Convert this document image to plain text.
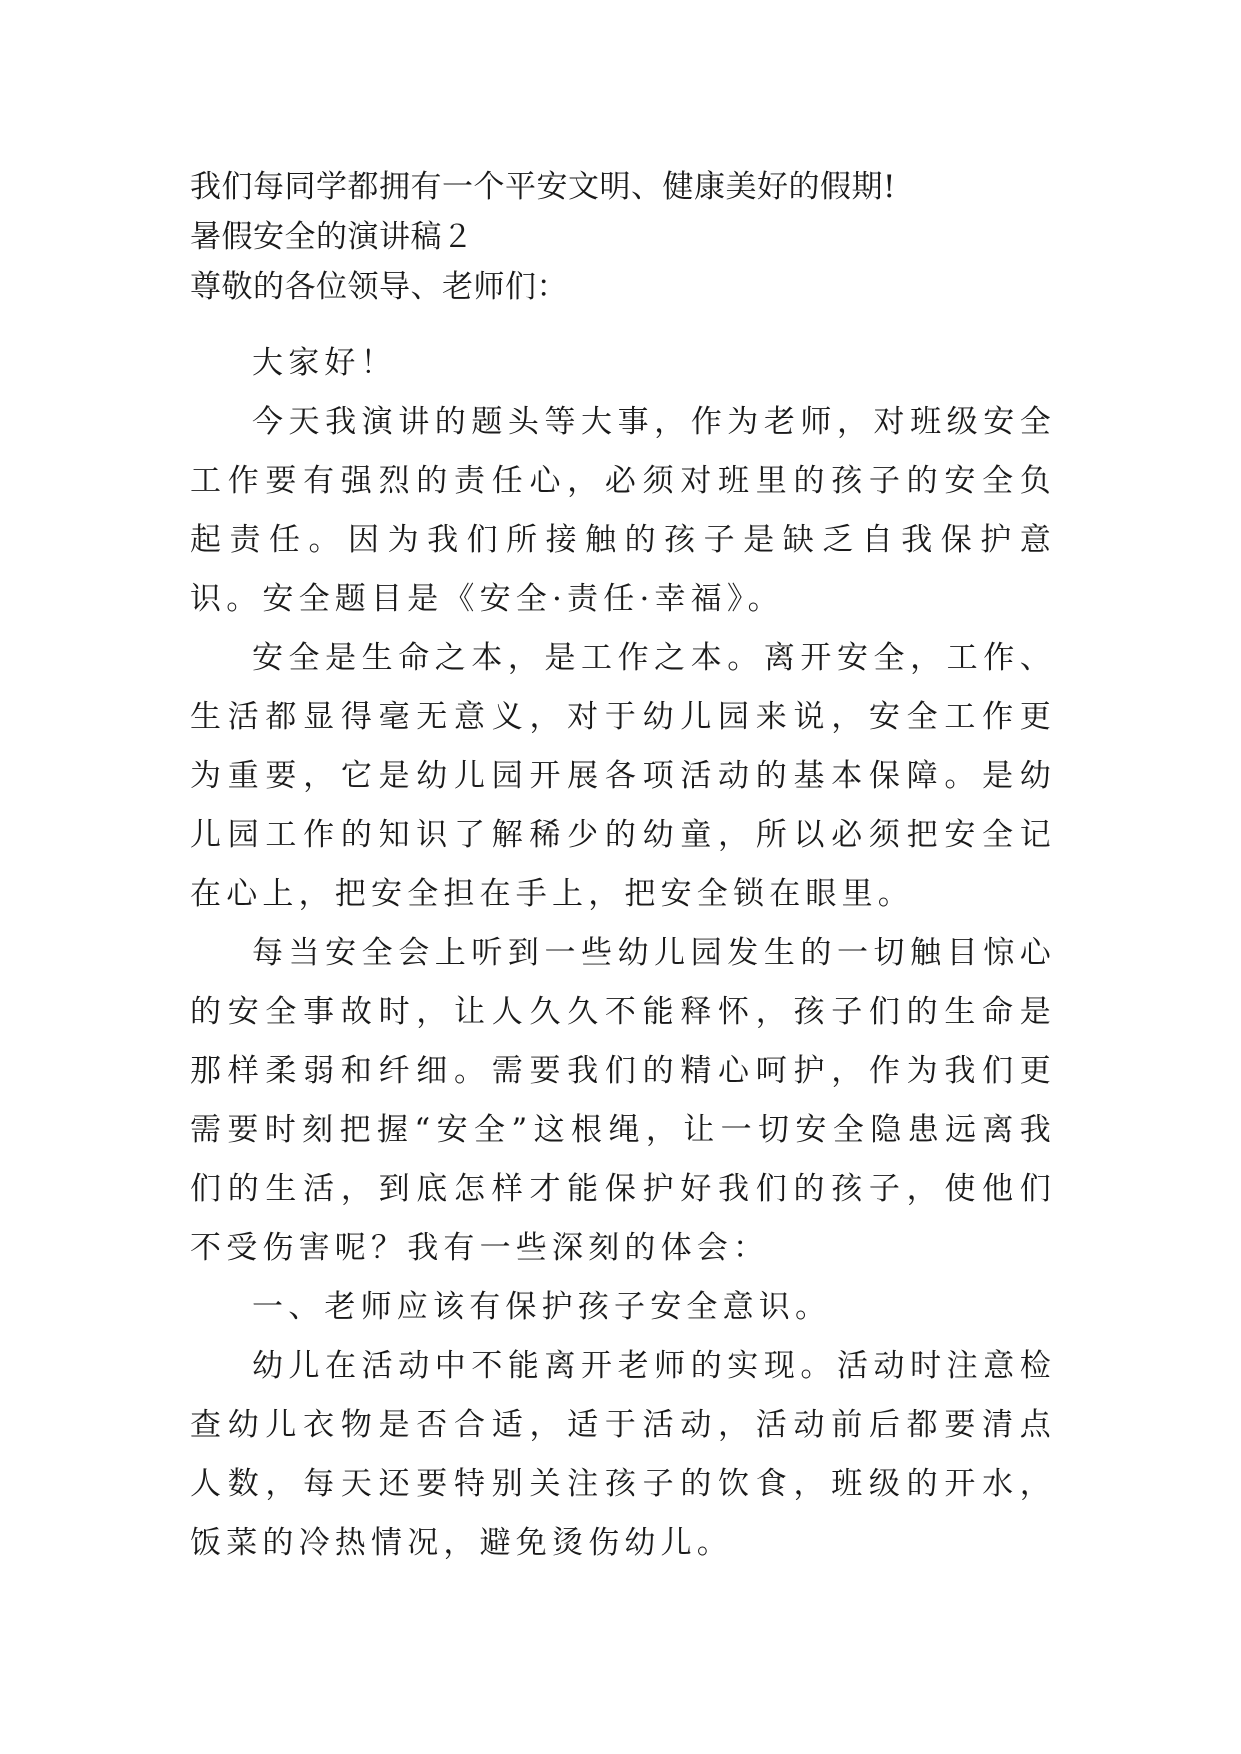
我们每同学都拥有一个平安文明、健康美好的假期!

暑假安全的演讲稿２

尊敬的各位领导、老师们：

大家好！

今天我演讲的题头等大事，作为老师，对班级安全工作要有强烈的责任心，必须对班里的孩子的安全负起责任。因为我们所接触的孩子是缺乏自我保护意识。安全题目是《安全·责任·幸福》。

安全是生命之本，是工作之本。离开安全，工作、生活都显得毫无意义，对于幼儿园来说，安全工作更为重要，它是幼儿园开展各项活动的基本保障。是幼儿园工作的知识了解稀少的幼童，所以必须把安全记在心上，把安全担在手上，把安全锁在眼里。

每当安全会上听到一些幼儿园发生的一切触目惊心的安全事故时，让人久久不能释怀，孩子们的生命是那样柔弱和纤细。需要我们的精心呵护，作为我们更需要时刻把握“安全”这根绳，让一切安全隐患远离我们的生活，到底怎样才能保护好我们的孩子，使他们不受伤害呢？我有一些深刻的体会：

一、老师应该有保护孩子安全意识。

幼儿在活动中不能离开老师的实现。活动时注意检查幼儿衣物是否合适，适于活动，活动前后都要清点人数，每天还要特别关注孩子的饮食，班级的开水，饭菜的冷热情况，避免烫伤幼儿。
